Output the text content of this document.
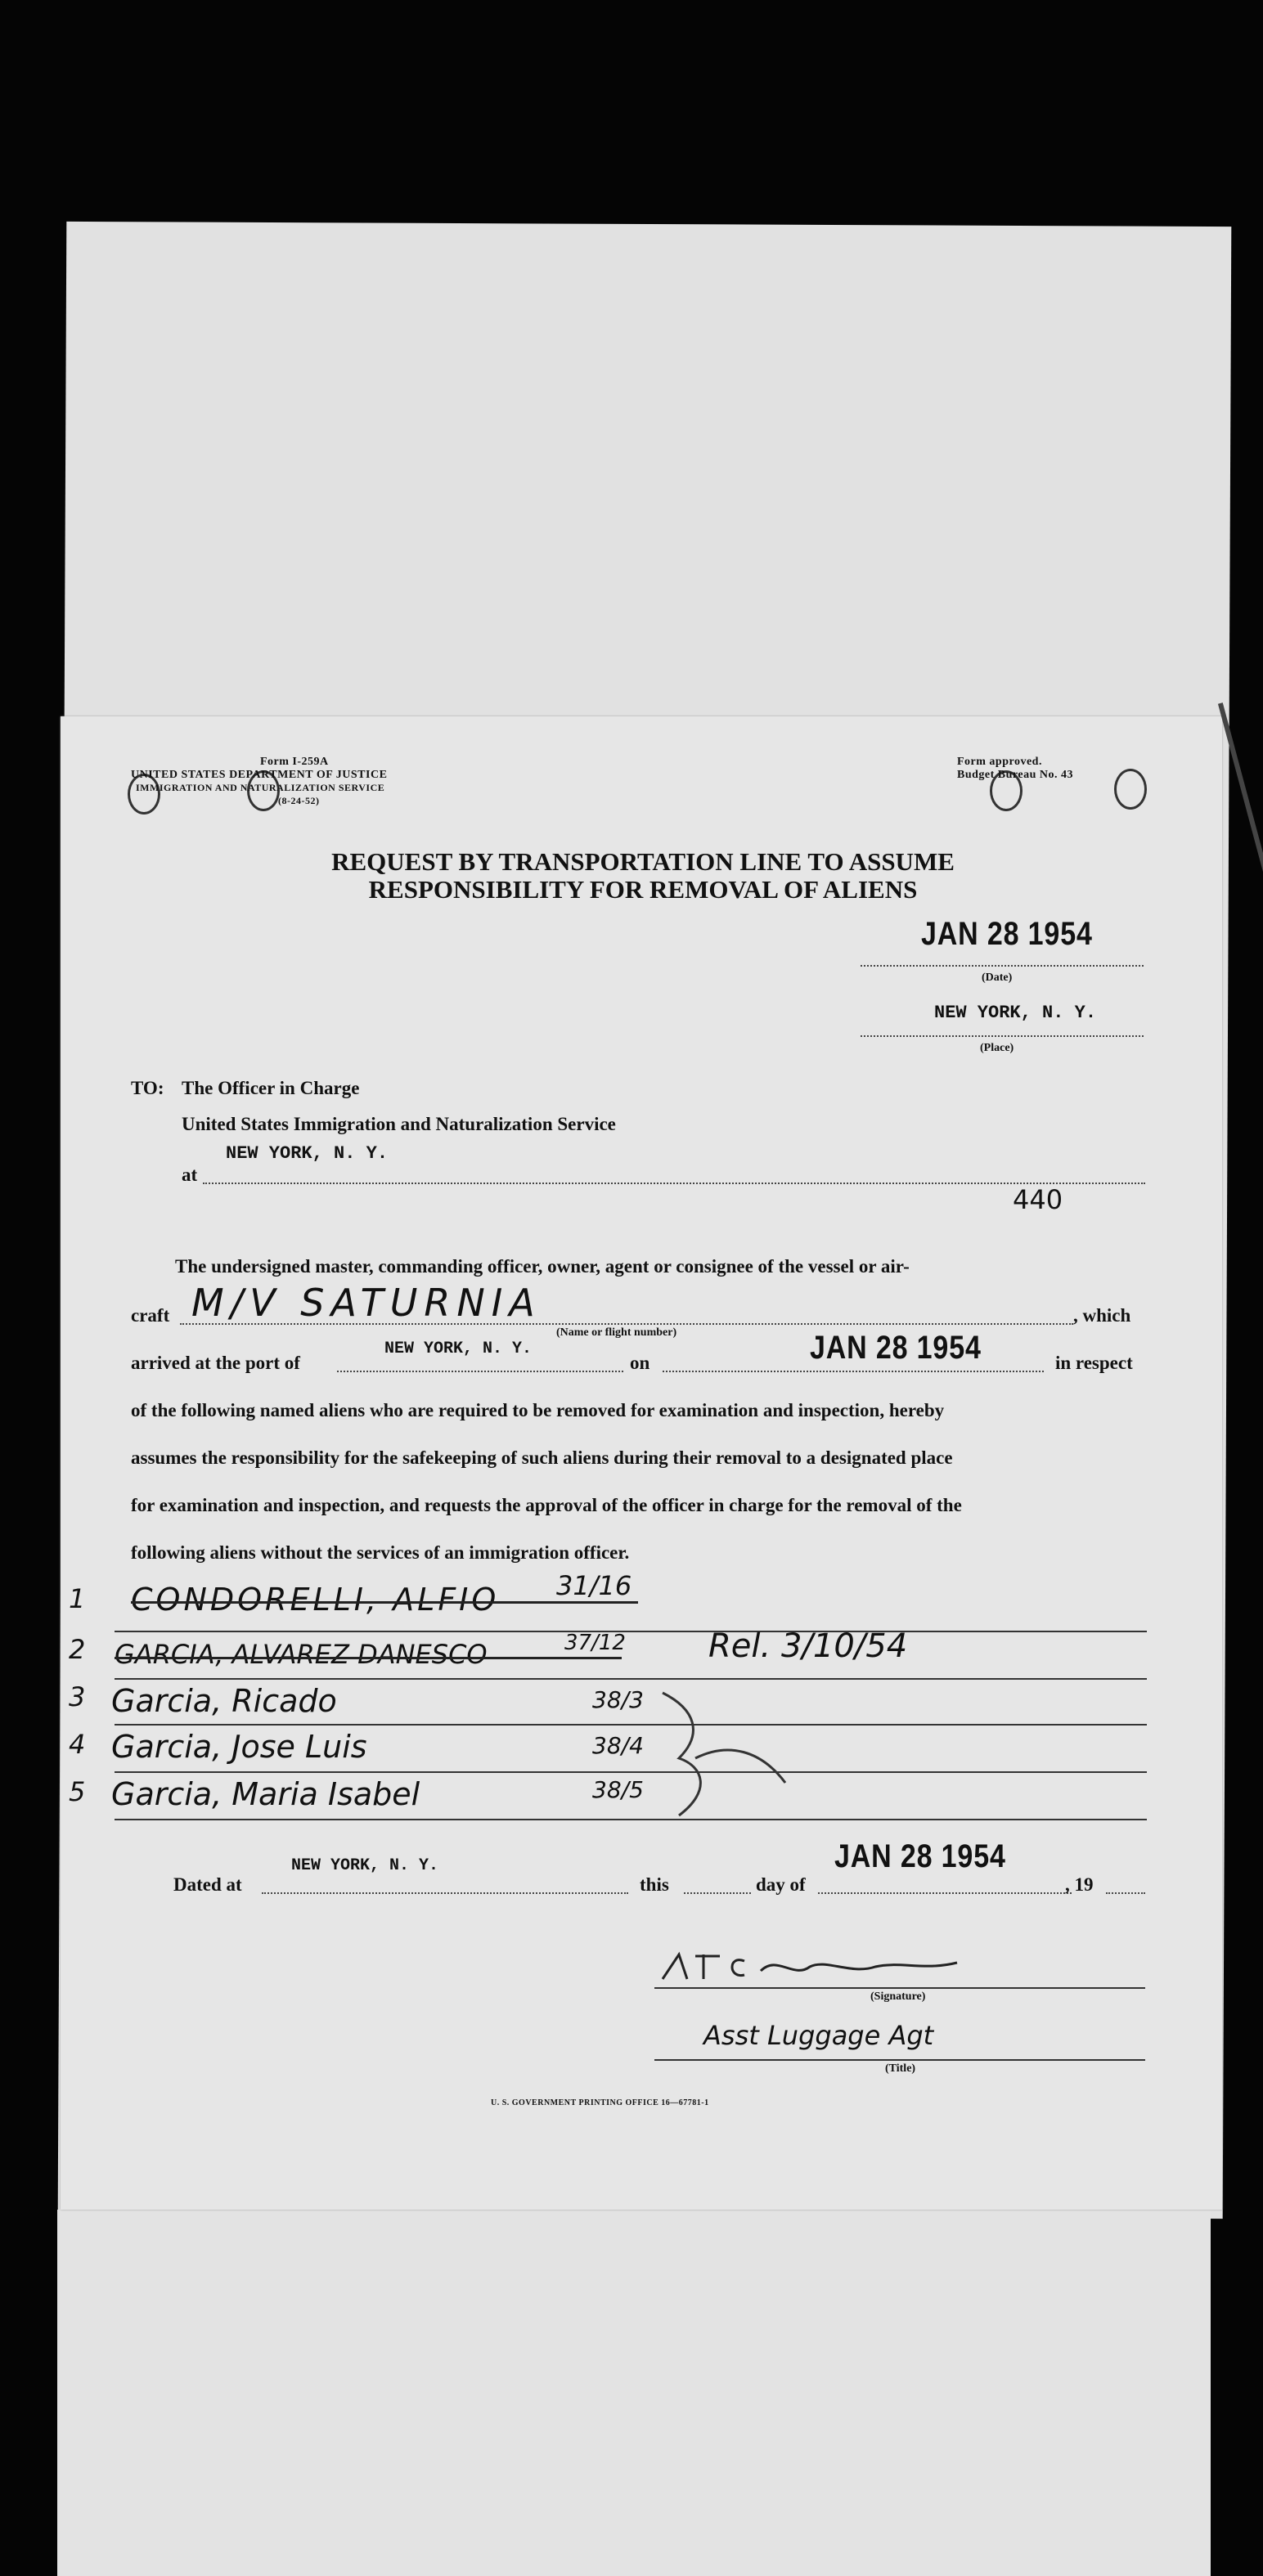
Form I-259A
UNITED STATES DEPARTMENT OF JUSTICE
IMMIGRATION AND NATURALIZATION SERVICE
(8-24-52)
Form approved.
Budget Bureau No. 43
REQUEST BY TRANSPORTATION LINE TO ASSUME
RESPONSIBILITY FOR REMOVAL OF ALIENS
JAN 28 1954
(Date)
NEW YORK, N. Y.
(Place)
TO: The Officer in Charge
United States Immigration and Naturalization Service
at
NEW YORK, N. Y.
440
The undersigned master, commanding officer, owner, agent or consignee of the vessel or air-
craft M/V SATURNIA
(Name or flight number)
, which
arrived at the port of
NEW YORK, N. Y.
on	JAN 28 1954	in respect
of the following named aliens who are required to be removed for examination and inspection, hereby
assumes the responsibility for the safekeeping of such aliens during their removal to a designated place
for examination and inspection, and requests the approval of the officer in charge for the removal of the
following aliens without the services of an immigration officer.
1 CONDORELLI, ALFIO 31/16
2 GARCIA, ALVAREZ DANESCO	37/12	Rel. 3/10/54
3 Garcia, Ricado	38/3
4 Garcia, Jose Luis	38/4
5 Garcia, Maria Isabel	38/5
Dated at
NEW YORK, N. Y.
this	day of
JAN 28 1954
, 19
(Signature)
Asst Luggage Agt
(Title)
U. S. GOVERNMENT PRINTING OFFICE 16—67781-1
